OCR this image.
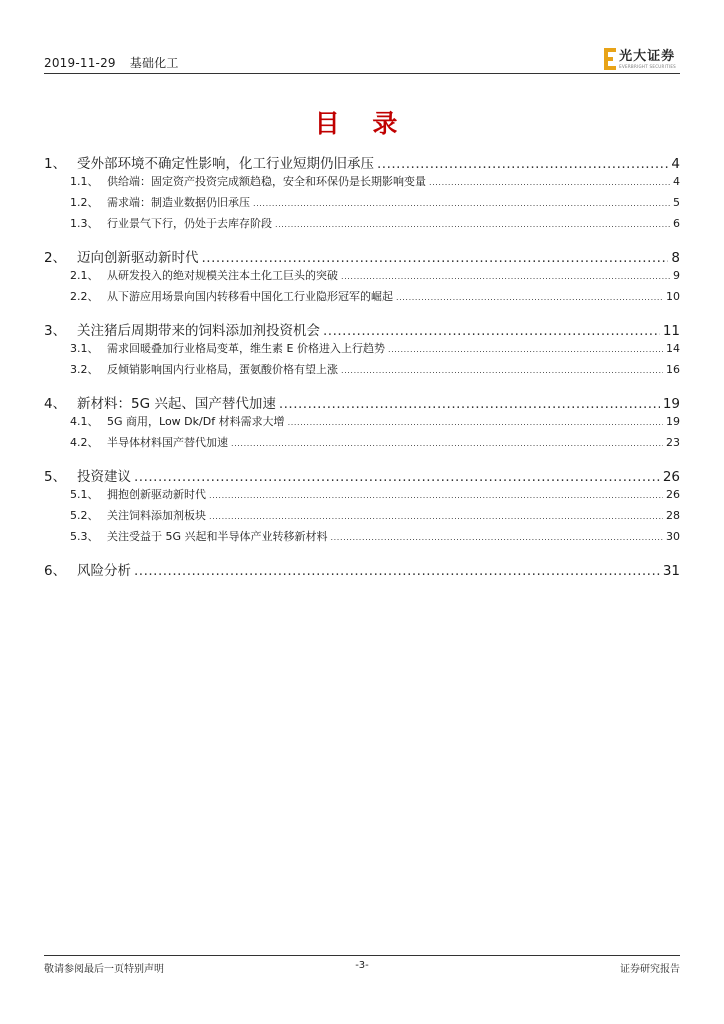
2019-11-29 基础化工	光大证券
EVERBRIGHT SECURITIES
目 录
1、 受外部环境不确定性影响，化工行业短期仍旧承压 .....	4
1.1、 供给端：固定资产投资完成额趋稳，安全和环保仍是长期影响变量 .....	4
1.2、 需求端：制造业数据仍旧承压 .....	5
1.3、 行业景气下行，仍处于去库存阶段 .....	6
2、 迈向创新驱动新时代 .....	8
2.1、 从研发投入的绝对规模关注本土化工巨头的突破 .....	9
2.2、 从下游应用场景向国内转移看中国化工行业隐形冠军的崛起 .....	10
3、 关注猪后周期带来的饲料添加剂投资机会 .....	11
3.1、 需求回暖叠加行业格局变革，维生素 E 价格进入上行趋势 .....	14
3.2、 反倾销影响国内行业格局，蛋氨酸价格有望上涨 .....	16
4、 新材料：5G 兴起、国产替代加速 .....	19
4.1、 5G 商用，Low Dk/Df 材料需求大增 .....	19
4.2、 半导体材料国产替代加速 .....	23
5、 投资建议 .....	26
5.1、 拥抱创新驱动新时代 .....	26
5.2、 关注饲料添加剂板块 .....	28
5.3、 关注受益于 5G 兴起和半导体产业转移新材料 .....	30
6、 风险分析 .....	31
敬请参阅最后一页特别声明	-3-	证券研究报告
